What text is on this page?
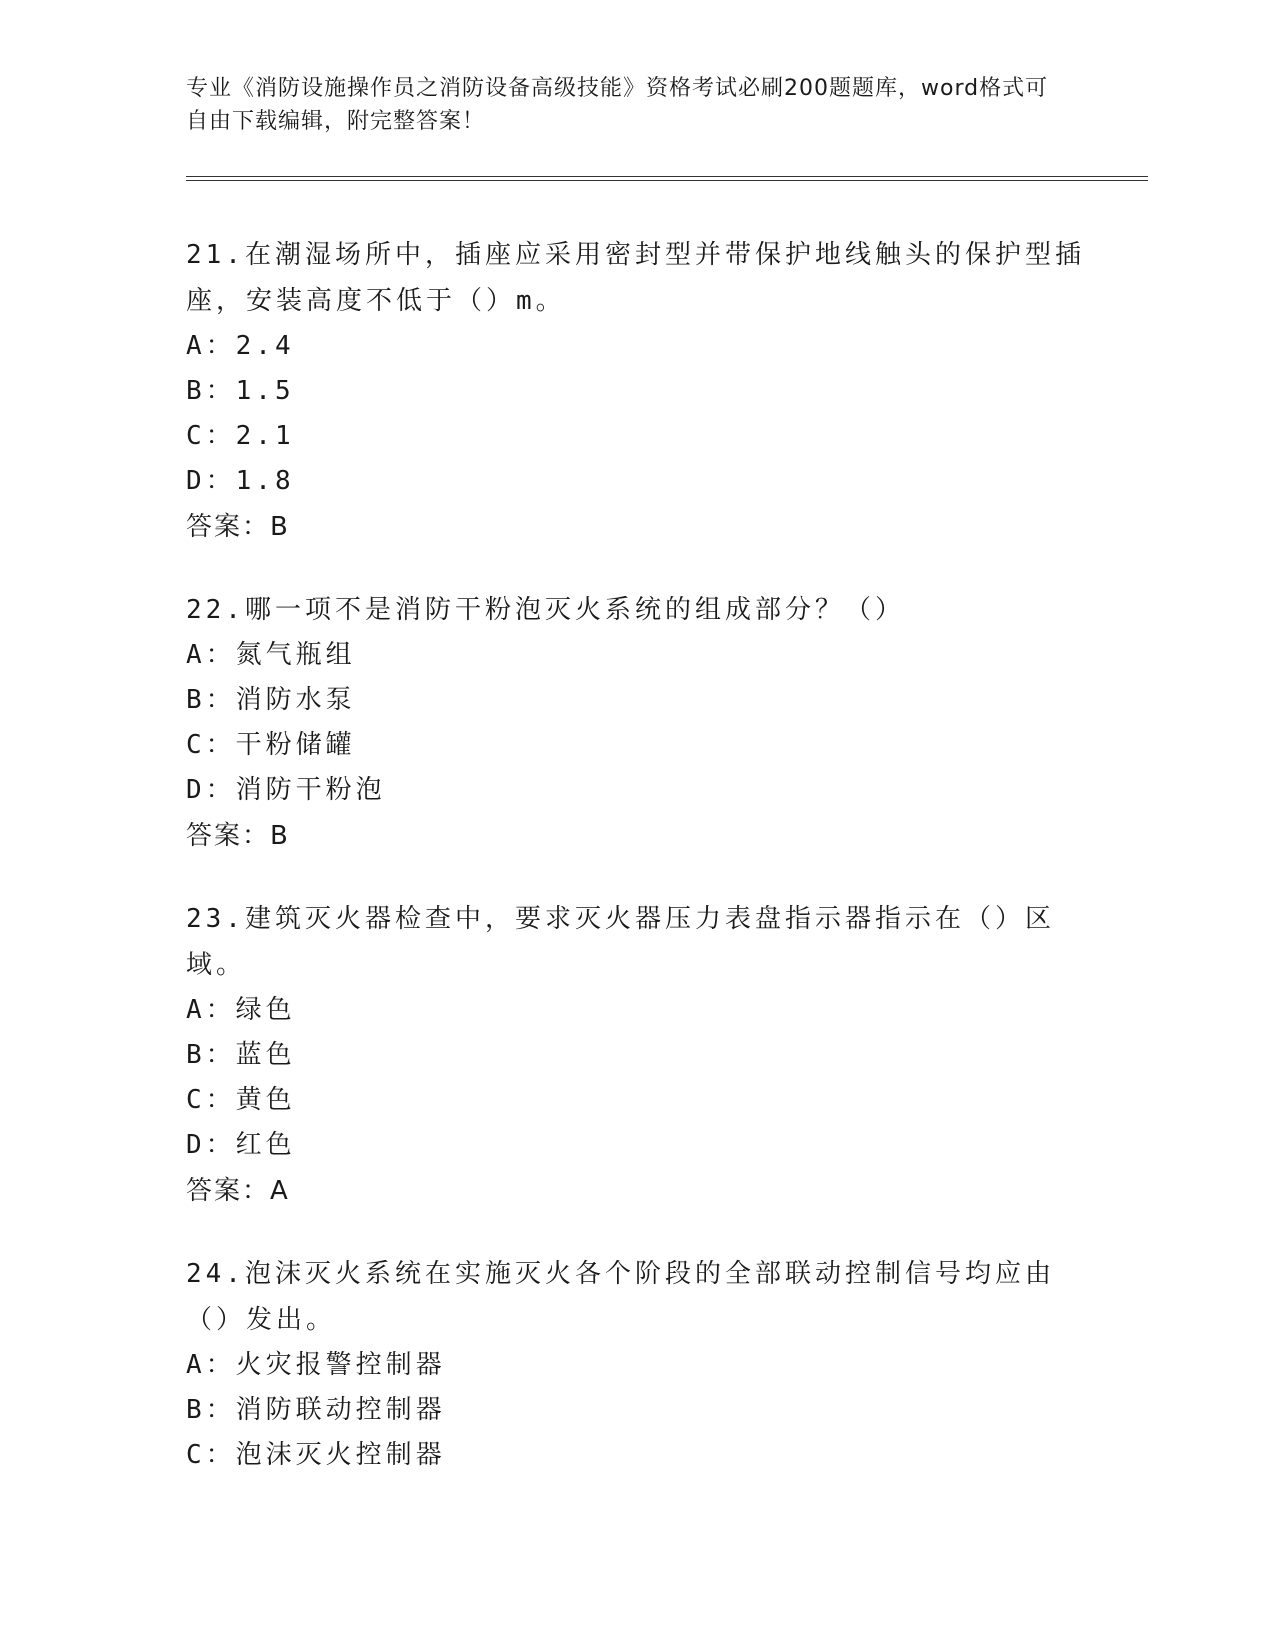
专业《消防设施操作员之消防设备高级技能》资格考试必刷200题题库，word格式可自由下载编辑，附完整答案！
21.在潮湿场所中，插座应采用密封型并带保护地线触头的保护型插座，安装高度不低于（）m。
A：2.4
B：1.5
C：2.1
D：1.8
答案：B
22.哪一项不是消防干粉泡灭火系统的组成部分？（）
A：氮气瓶组
B：消防水泵
C：干粉储罐
D：消防干粉泡
答案：B
23.建筑灭火器检查中，要求灭火器压力表盘指示器指示在（）区域。
A：绿色
B：蓝色
C：黄色
D：红色
答案：A
24.泡沫灭火系统在实施灭火各个阶段的全部联动控制信号均应由（）发出。
A：火灾报警控制器
B：消防联动控制器
C：泡沫灭火控制器
